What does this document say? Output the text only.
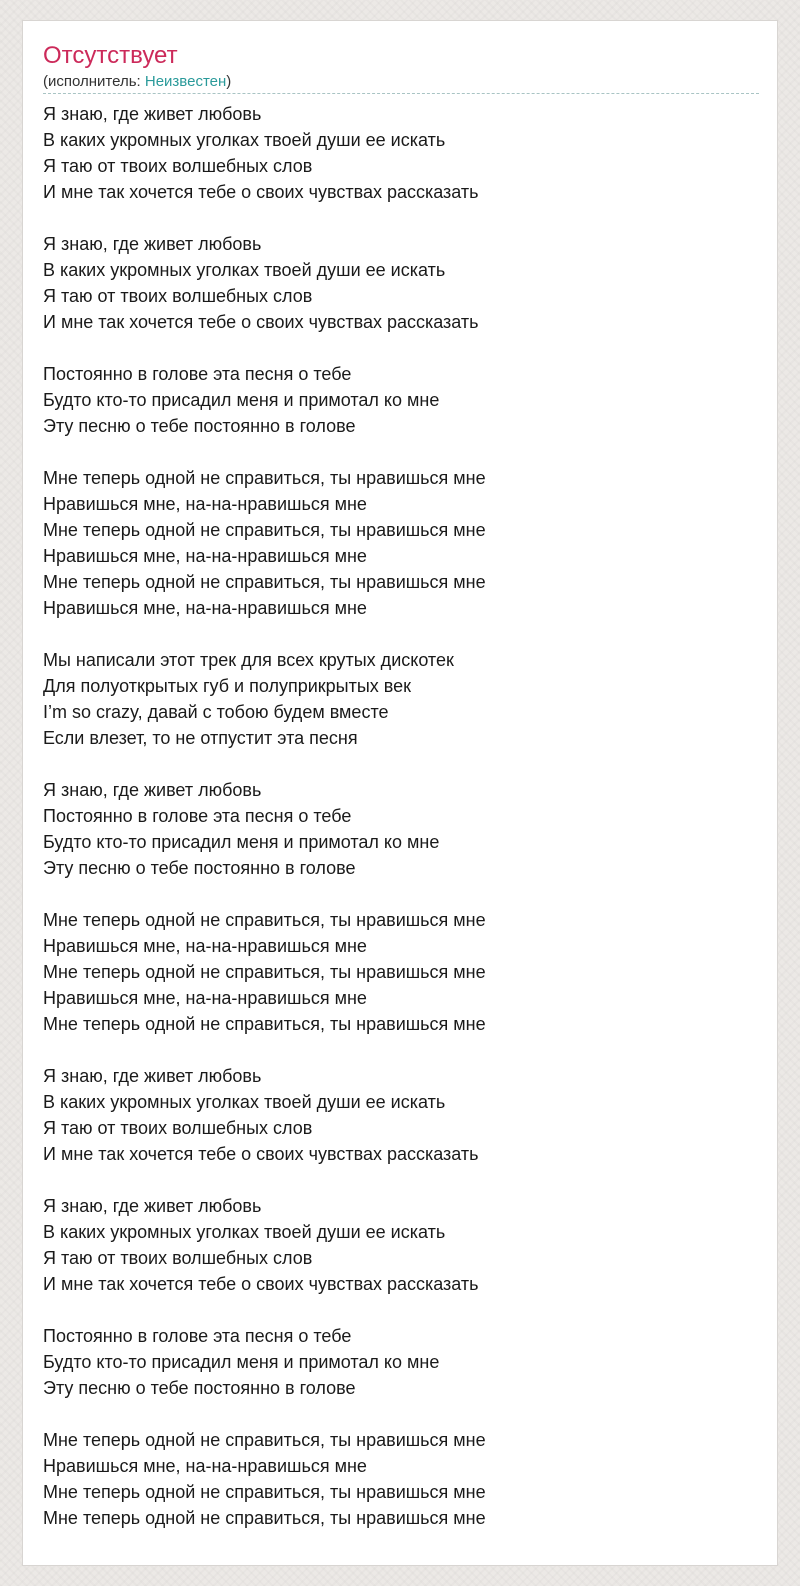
Отсутствует

(исполнитель: Неизвестен)

Я знаю, где живет любовь
В каких укромных уголках твоей души ее искать
Я таю от твоих волшебных слов
И мне так хочется тебе о своих чувствах рассказать
Я знаю, где живет любовь
В каких укромных уголках твоей души ее искать
Я таю от твоих волшебных слов
И мне так хочется тебе о своих чувствах рассказать
Постоянно в голове эта песня о тебе
Будто кто-то присадил меня и примотал ко мне
Эту песню о тебе постоянно в голове
Мне теперь одной не справиться, ты нравишься мне
Нравишься мне, на-на-нравишься мне
Мне теперь одной не справиться, ты нравишься мне
Нравишься мне, на-на-нравишься мне
Мне теперь одной не справиться, ты нравишься мне
Нравишься мне, на-на-нравишься мне
Мы написали этот трек для всех крутых дискотек
Для полуоткрытых губ и полуприкрытых век
I’m so crazy, давай с тобою будем вместе
Если влезет, то не отпустит эта песня
Я знаю, где живет любовь
Постоянно в голове эта песня о тебе
Будто кто-то присадил меня и примотал ко мне
Эту песню о тебе постоянно в голове
Мне теперь одной не справиться, ты нравишься мне
Нравишься мне, на-на-нравишься мне
Мне теперь одной не справиться, ты нравишься мне
Нравишься мне, на-на-нравишься мне
Мне теперь одной не справиться, ты нравишься мне
Я знаю, где живет любовь
В каких укромных уголках твоей души ее искать
Я таю от твоих волшебных слов
И мне так хочется тебе о своих чувствах рассказать
Я знаю, где живет любовь
В каких укромных уголках твоей души ее искать
Я таю от твоих волшебных слов
И мне так хочется тебе о своих чувствах рассказать
Постоянно в голове эта песня о тебе
Будто кто-то присадил меня и примотал ко мне
Эту песню о тебе постоянно в голове
Мне теперь одной не справиться, ты нравишься мне
Нравишься мне, на-на-нравишься мне
Мне теперь одной не справиться, ты нравишься мне
Мне теперь одной не справиться, ты нравишься мне
